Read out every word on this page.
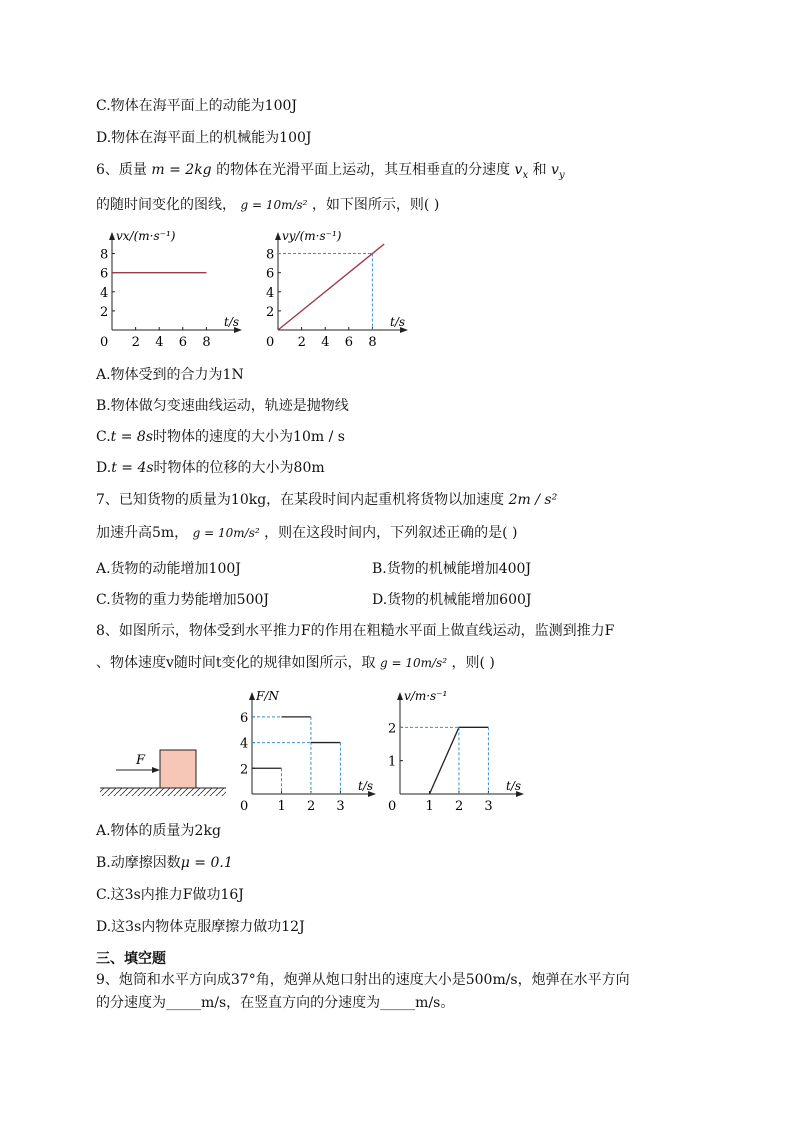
C.物体在海平面上的动能为100J
D.物体在海平面上的机械能为100J
6、质量 m = 2kg 的物体在光滑平面上运动，其互相垂直的分速度 $v_x$ 和 $v_y$
的随时间变化的图线， g = 10m/s² ，如下图所示，则( )
0 2 4 6 8
2
4
6
8
vx/(m·s⁻¹)
t/s
0 2 4 6 8
2
4
6
8
vy/(m·s⁻¹)
t/s
A.物体受到的合力为1N
B.物体做匀变速曲线运动，轨迹是抛物线
C.t = 8s时物体的速度的大小为10m / s
D.t = 4s时物体的位移的大小为80m
7、已知货物的质量为10kg，在某段时间内起重机将货物以加速度 2m / s²
加速升高5m， g = 10m/s² ，则在这段时间内，下列叙述正确的是( )
A.货物的动能增加100J	B.货物的机械能增加400J
C.货物的重力势能增加500J	D.货物的机械能增加600J
8、如图所示，物体受到水平推力F的作用在粗糙水平面上做直线运动，监测到推力F
、物体速度v随时间t变化的规律如图所示，取 g = 10m/s² ，则( )
F
0 1 2 3
2
4
6
F/N
t/s
0 1 2 3
1
2
v/m·s⁻¹
t/s
A.物体的质量为2kg
B.动摩擦因数μ = 0.1
C.这3s内推力F做功16J
D.这3s内物体克服摩擦力做功12J
三、填空题
9、炮筒和水平方向成37°角，炮弹从炮口射出的速度大小是500m/s，炮弹在水平方向
的分速度为_____m/s，在竖直方向的分速度为_____m/s。
